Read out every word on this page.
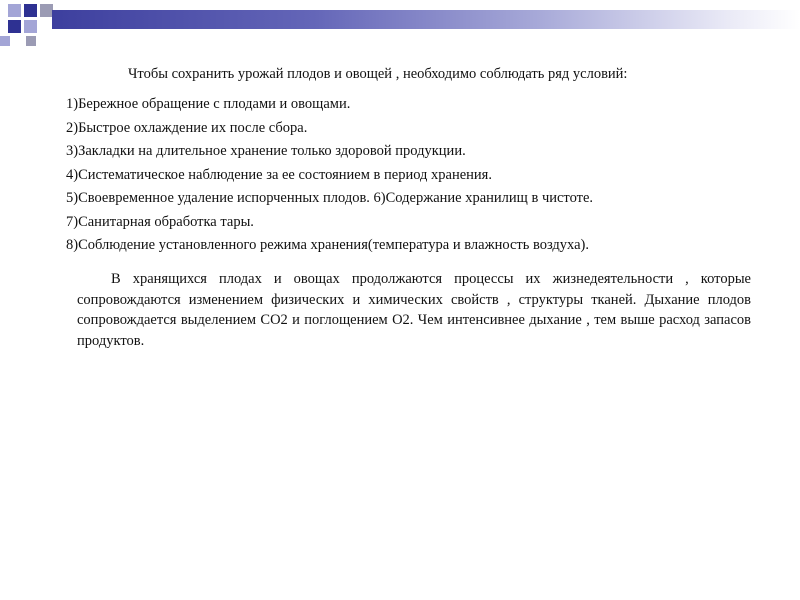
Чтобы сохранить урожай плодов и овощей , необходимо соблюдать ряд условий:
1)Бережное обращение с плодами и овощами.
2)Быстрое охлаждение их после сбора.
3)Закладки на длительное хранение только здоровой продукции.
4)Систематическое наблюдение за ее состоянием в период хранения.
5)Своевременное удаление испорченных плодов. 6)Содержание хранилищ в чистоте.
7)Санитарная обработка тары.
8)Соблюдение установленного режима хранения(температура и влажность воздуха).

В хранящихся плодах и овощах продолжаются процессы их жизнедеятельности , которые сопровождаются изменением физических и химических свойств , структуры тканей. Дыхание плодов сопровождается выделением СО2 и поглощением О2. Чем интенсивнее дыхание , тем выше расход запасов продуктов.
